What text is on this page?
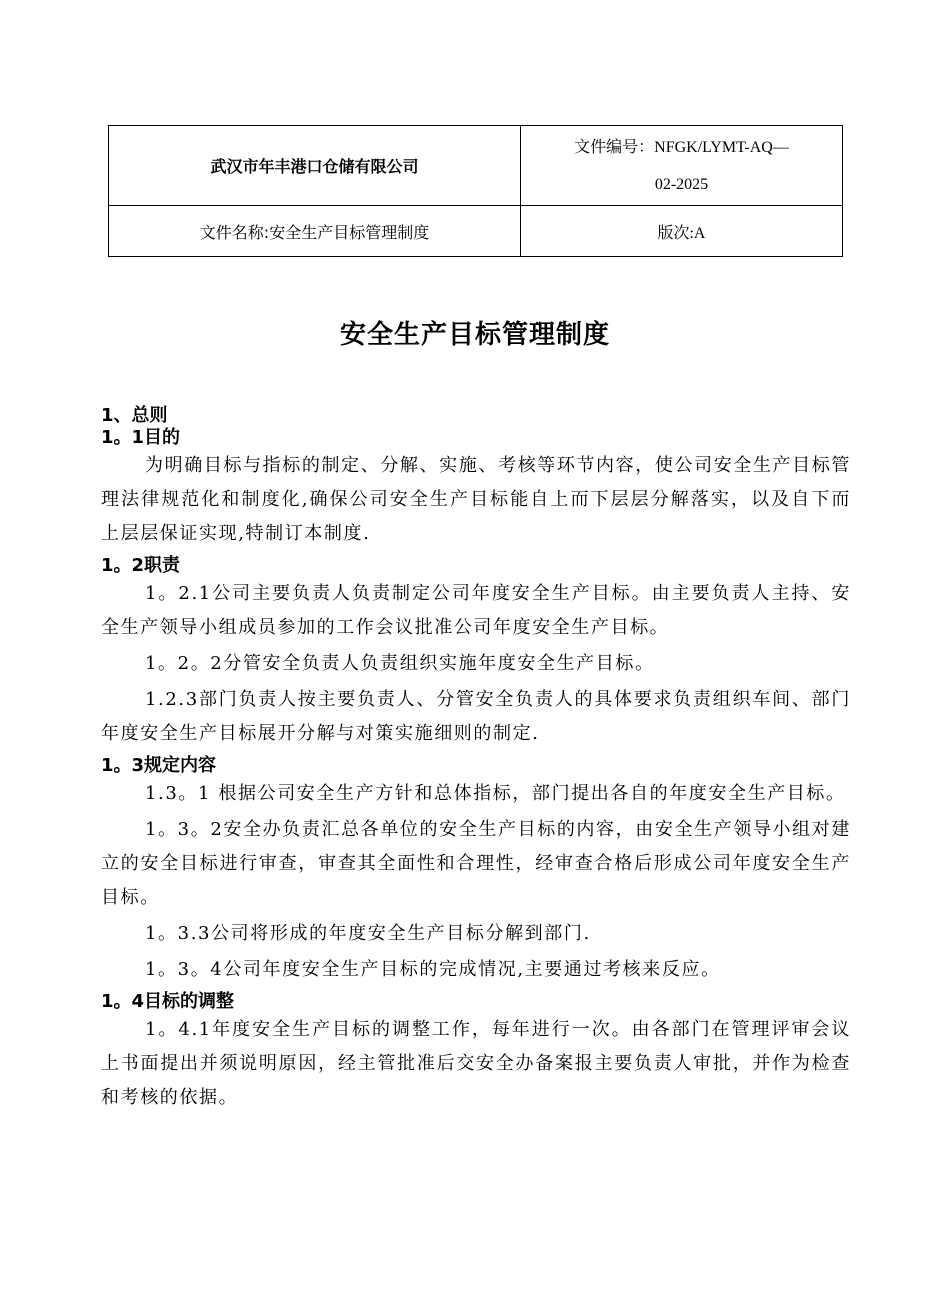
武汉市年丰港口仓储有限公司	文件编号：NFGK/LYMT-AQ—
02-2025

文件名称:安全生产目标管理制度	版次:A
安全生产目标管理制度
1、总则
1。1目的

为明确目标与指标的制定、分解、实施、考核等环节内容，使公司安全生产目标管理法律规范化和制度化,确保公司安全生产目标能自上而下层层分解落实，以及自下而上层层保证实现,特制订本制度.

1。2职责

1。2.1公司主要负责人负责制定公司年度安全生产目标。由主要负责人主持、安全生产领导小组成员参加的工作会议批准公司年度安全生产目标。

1。2。2分管安全负责人负责组织实施年度安全生产目标。

1.2.3部门负责人按主要负责人、分管安全负责人的具体要求负责组织车间、部门年度安全生产目标展开分解与对策实施细则的制定.

1。3规定内容

1.3。1 根据公司安全生产方针和总体指标，部门提出各自的年度安全生产目标。

1。3。2安全办负责汇总各单位的安全生产目标的内容，由安全生产领导小组对建立的安全目标进行审查，审查其全面性和合理性，经审查合格后形成公司年度安全生产目标。

1。3.3公司将形成的年度安全生产目标分解到部门.

1。3。4公司年度安全生产目标的完成情况,主要通过考核来反应。

1。4目标的调整

1。4.1年度安全生产目标的调整工作，每年进行一次。由各部门在管理评审会议上书面提出并须说明原因，经主管批准后交安全办备案报主要负责人审批，并作为检查和考核的依据。
